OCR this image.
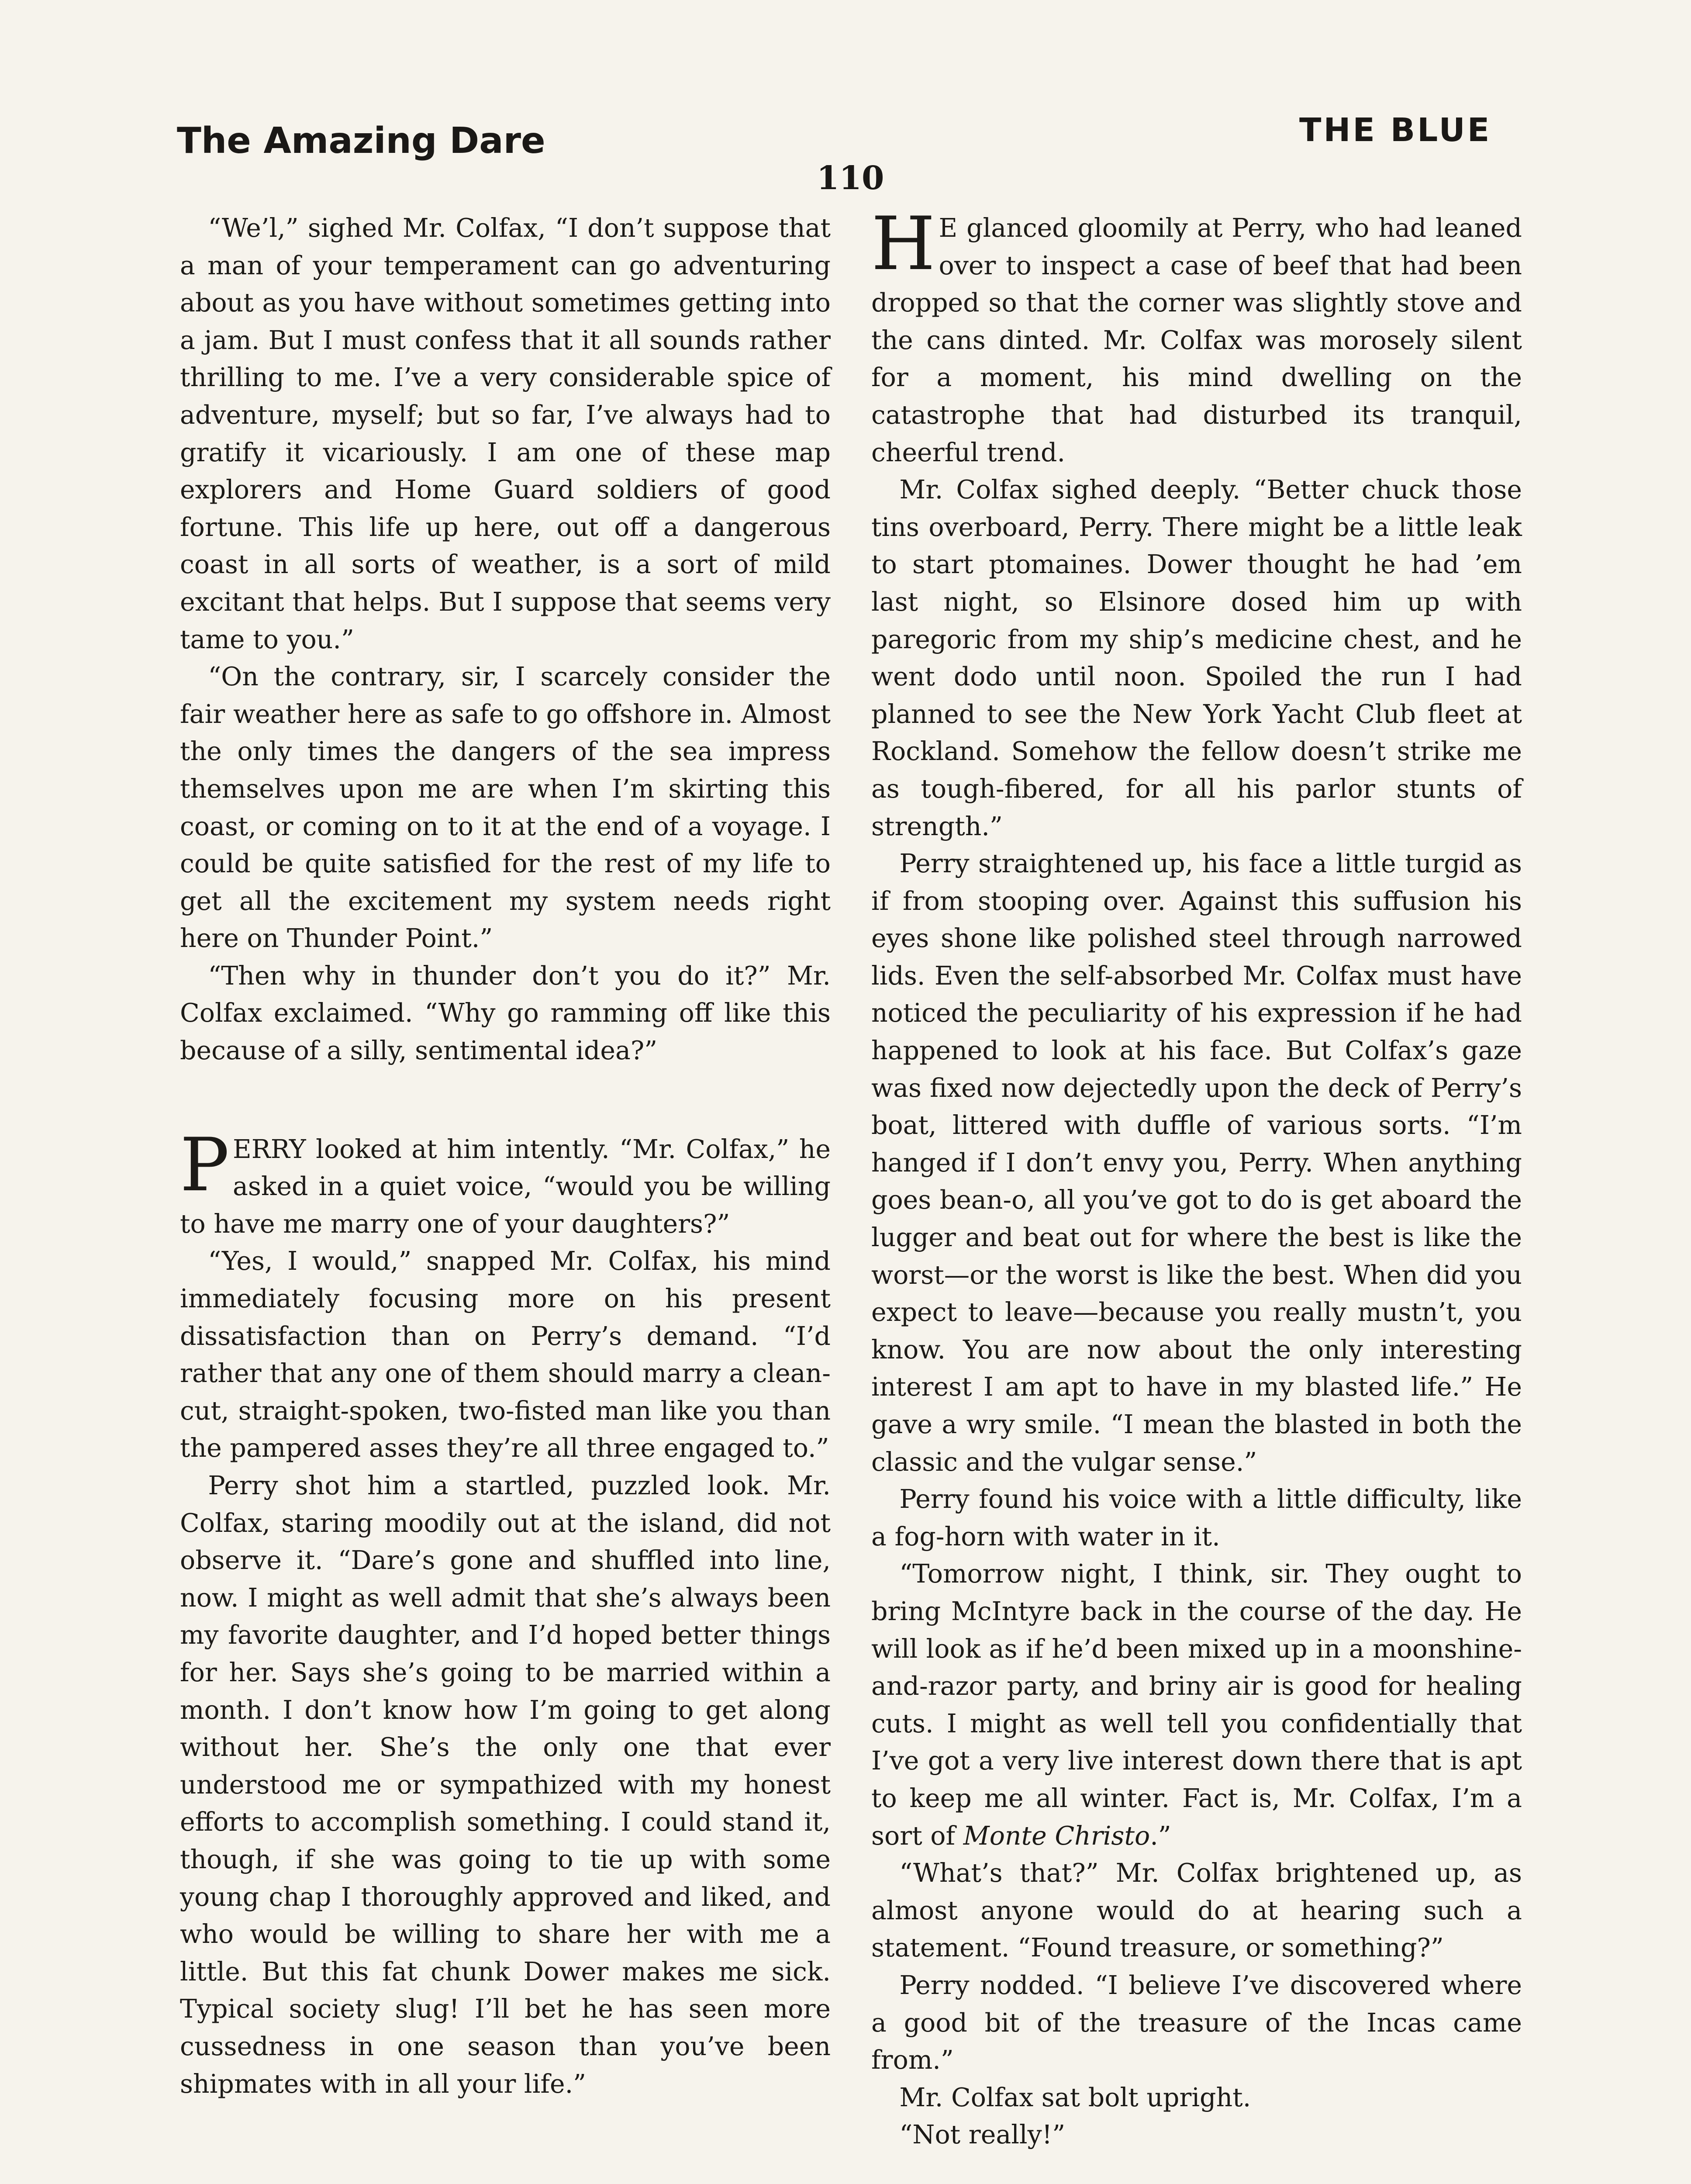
The Amazing Dare	THE BLUE
110

“We’l,” sighed Mr. Colfax, “I don’t suppose that a man of your temperament can go adventuring about as you have without sometimes getting into a jam. But I must confess that it all sounds rather thrilling to me. I’ve a very considerable spice of adventure, myself; but so far, I’ve always had to gratify it vicariously. I am one of these map explorers and Home Guard soldiers of good fortune. This life up here, out off a dangerous coast in all sorts of weather, is a sort of mild excitant that helps. But I suppose that seems very tame to you.”

“On the contrary, sir, I scarcely consider the fair weather here as safe to go offshore in. Almost the only times the dangers of the sea impress themselves upon me are when I’m skirting this coast, or coming on to it at the end of a voyage. I could be quite satisfied for the rest of my life to get all the excitement my system needs right here on Thunder Point.”

“Then why in thunder don’t you do it?” Mr. Colfax exclaimed. “Why go ramming off like this because of a silly, sentimental idea?”

PERRY looked at him intently. “Mr. Colfax,” he asked in a quiet voice, “would you be willing to have me marry one of your daughters?”

“Yes, I would,” snapped Mr. Colfax, his mind immediately focusing more on his present dissatisfaction than on Perry’s demand. “I’d rather that any one of them should marry a clean-cut, straight-spoken, two-fisted man like you than the pampered asses they’re all three engaged to.”

Perry shot him a startled, puzzled look. Mr. Colfax, staring moodily out at the island, did not observe it. “Dare’s gone and shuffled into line, now. I might as well admit that she’s always been my favorite daughter, and I’d hoped better things for her. Says she’s going to be married within a month. I don’t know how I’m going to get along without her. She’s the only one that ever understood me or sympathized with my honest efforts to accomplish something. I could stand it, though, if she was going to tie up with some young chap I thoroughly approved and liked, and who would be willing to share her with me a little. But this fat chunk Dower makes me sick. Typical society slug! I’ll bet he has seen more cussedness in one season than you’ve been shipmates with in all your life.”

H E glanced gloomily at Perry, who had leaned over to inspect a case of beef that had been dropped so that the corner was slightly stove and the cans dinted. Mr. Colfax was morosely silent for a moment, his mind dwelling on the catastrophe that had disturbed its tranquil, cheerful trend.

Mr. Colfax sighed deeply. “Better chuck those tins overboard, Perry. There might be a little leak to start ptomaines. Dower thought he had ’em last night, so Elsinore dosed him up with paregoric from my ship’s medicine chest, and he went dodo until noon. Spoiled the run I had planned to see the New York Yacht Club fleet at Rockland. Somehow the fellow doesn’t strike me as tough-fibered, for all his parlor stunts of strength.”

Perry straightened up, his face a little turgid as if from stooping over. Against this suffusion his eyes shone like polished steel through narrowed lids. Even the self-absorbed Mr. Colfax must have noticed the peculiarity of his expression if he had happened to look at his face. But Colfax’s gaze was fixed now dejectedly upon the deck of Perry’s boat, littered with duffle of various sorts. “I’m hanged if I don’t envy you, Perry. When anything goes bean-o, all you’ve got to do is get aboard the lugger and beat out for where the best is like the worst—or the worst is like the best. When did you expect to leave—because you really mustn’t, you know. You are now about the only interesting interest I am apt to have in my blasted life.” He gave a wry smile. “I mean the blasted in both the classic and the vulgar sense.”

Perry found his voice with a little difficulty, like a fog-horn with water in it.

“Tomorrow night, I think, sir. They ought to bring McIntyre back in the course of the day. He will look as if he’d been mixed up in a moonshine-and-razor party, and briny air is good for healing cuts. I might as well tell you confidentially that I’ve got a very live interest down there that is apt to keep me all winter. Fact is, Mr. Colfax, I’m a sort of Monte Christo.”

“What’s that?” Mr. Colfax brightened up, as almost anyone would do at hearing such a statement. “Found treasure, or something?”

Perry nodded. “I believe I’ve discovered where a good bit of the treasure of the Incas came from.”

Mr. Colfax sat bolt upright.

“Not really!”
